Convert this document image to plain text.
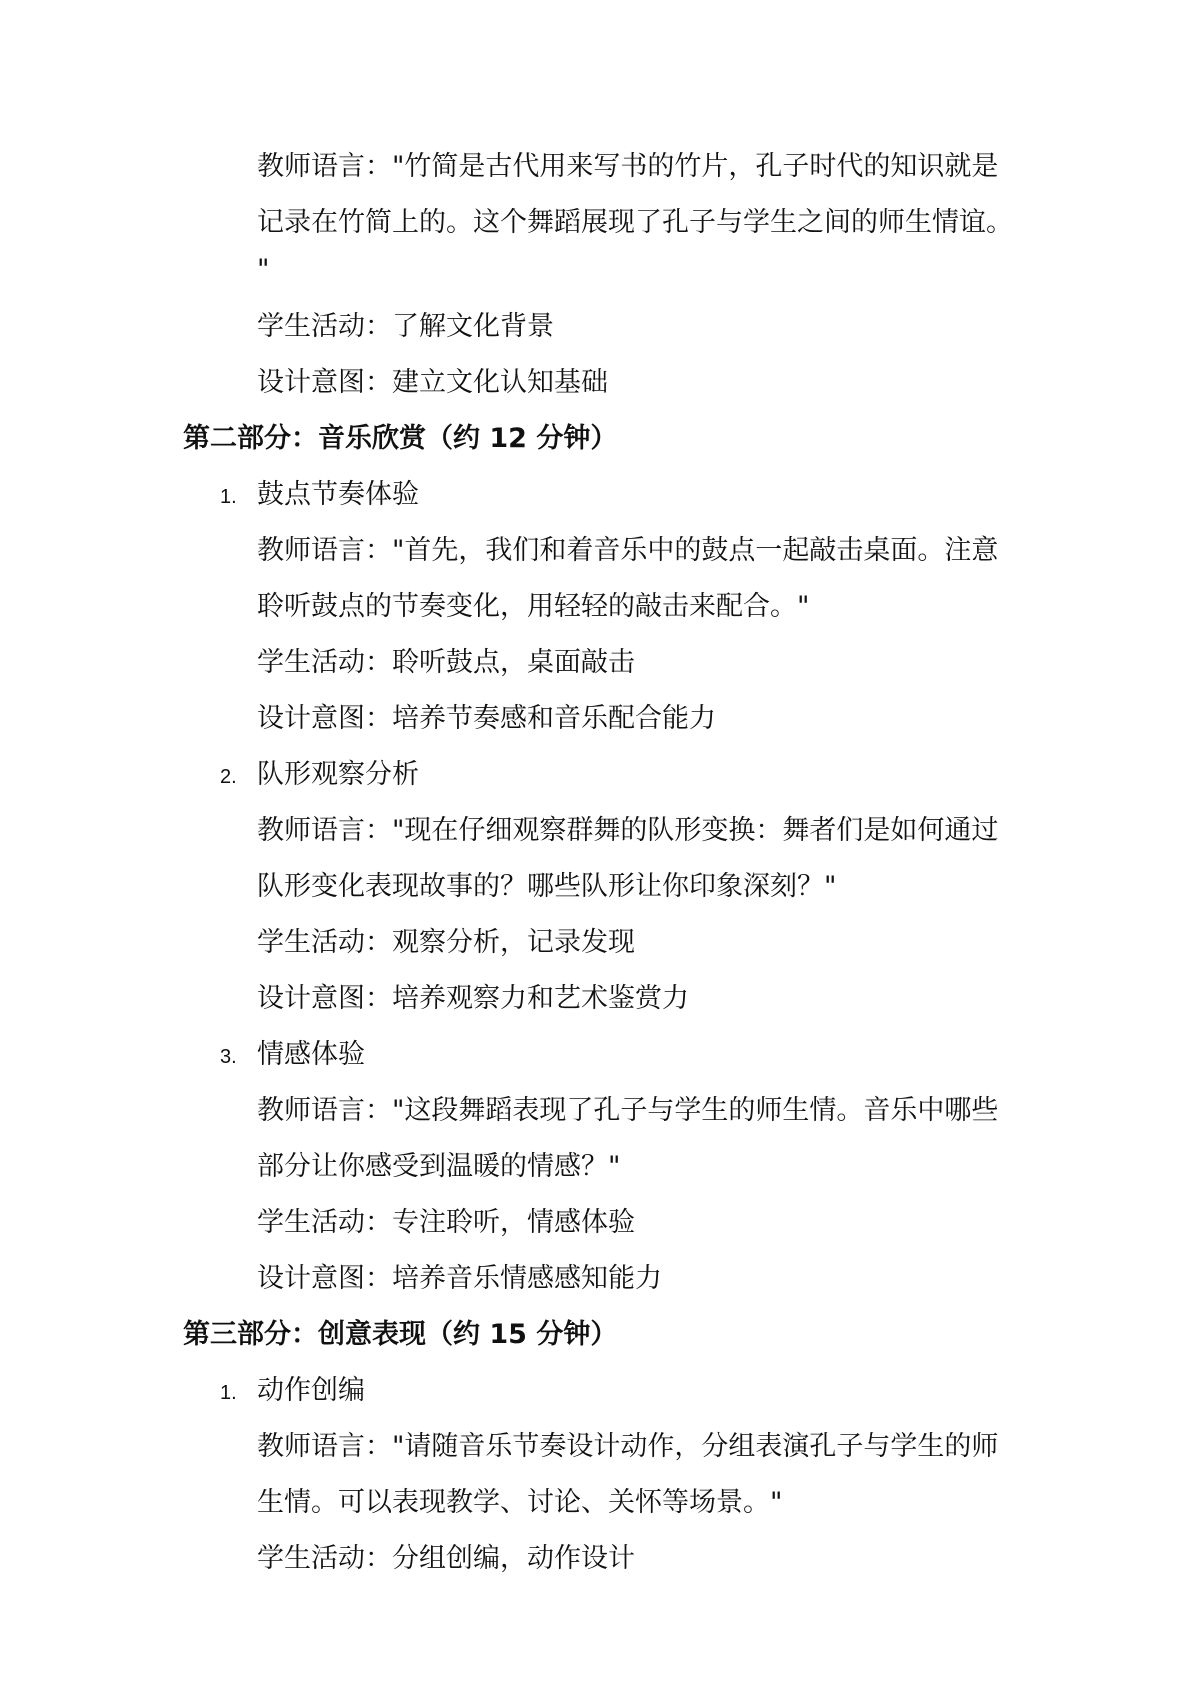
教师语言："竹简是古代用来写书的竹片，孔子时代的知识就是
记录在竹简上的。这个舞蹈展现了孔子与学生之间的师生情谊。
"
学生活动：了解文化背景
设计意图：建立文化认知基础
第二部分：音乐欣赏（约 12 分钟）
1. 鼓点节奏体验
教师语言："首先，我们和着音乐中的鼓点一起敲击桌面。注意
聆听鼓点的节奏变化，用轻轻的敲击来配合。"
学生活动：聆听鼓点，桌面敲击
设计意图：培养节奏感和音乐配合能力
2. 队形观察分析
教师语言："现在仔细观察群舞的队形变换：舞者们是如何通过
队形变化表现故事的？哪些队形让你印象深刻？"
学生活动：观察分析，记录发现
设计意图：培养观察力和艺术鉴赏力
3. 情感体验
教师语言："这段舞蹈表现了孔子与学生的师生情。音乐中哪些
部分让你感受到温暖的情感？"
学生活动：专注聆听，情感体验
设计意图：培养音乐情感感知能力
第三部分：创意表现（约 15 分钟）
1. 动作创编
教师语言："请随音乐节奏设计动作，分组表演孔子与学生的师
生情。可以表现教学、讨论、关怀等场景。"
学生活动：分组创编，动作设计
